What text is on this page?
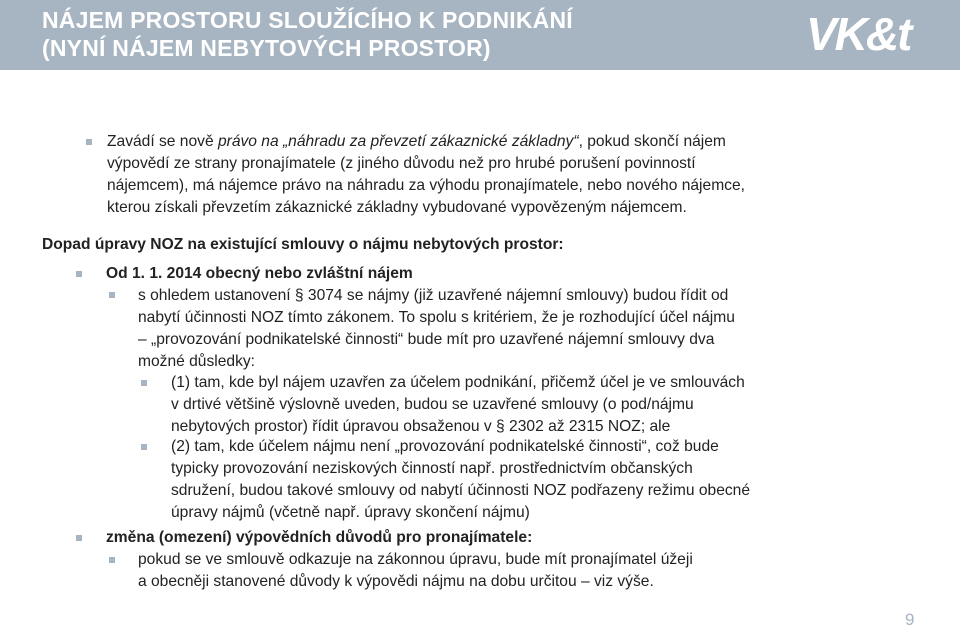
NÁJEM PROSTORU SLOUŽÍCÍHO K PODNIKÁNÍ
(NYNÍ NÁJEM NEBYTOVÝCH PROSTOR)	VK&t
Zavádí se nově právo na „náhradu za převzetí zákaznické základny“, pokud skončí nájem
výpovědí ze strany pronajímatele (z jiného důvodu než pro hrubé porušení povinností
nájemcem), má nájemce právo na náhradu za výhodu pronajímatele, nebo nového nájemce,
kterou získali převzetím zákaznické základny vybudované vypovězeným nájemcem.
Dopad úpravy NOZ na existující smlouvy o nájmu nebytových prostor:
Od 1. 1. 2014 obecný nebo zvláštní nájem
s ohledem ustanovení § 3074 se nájmy (již uzavřené nájemní smlouvy) budou řídit od
nabytí účinnosti NOZ tímto zákonem. To spolu s kritériem, že je rozhodující účel nájmu
– „provozování podnikatelské činnosti“ bude mít pro uzavřené nájemní smlouvy dva
možné důsledky:
(1) tam, kde byl nájem uzavřen za účelem podnikání, přičemž účel je ve smlouvách
v drtivé většině výslovně uveden, budou se uzavřené smlouvy (o pod/nájmu
nebytových prostor) řídit úpravou obsaženou v § 2302 až 2315 NOZ; ale
(2) tam, kde účelem nájmu není „provozování podnikatelské činnosti“, což bude
typicky provozování neziskových činností např. prostřednictvím občanských
sdružení, budou takové smlouvy od nabytí účinnosti NOZ podřazeny režimu obecné
úpravy nájmů (včetně např. úpravy skončení nájmu)
změna (omezení) výpovědních důvodů pro pronajímatele:
pokud se ve smlouvě odkazuje na zákonnou úpravu, bude mít pronajímatel úžeji
a obecněji stanovené důvody k výpovědi nájmu na dobu určitou – viz výše.
9
